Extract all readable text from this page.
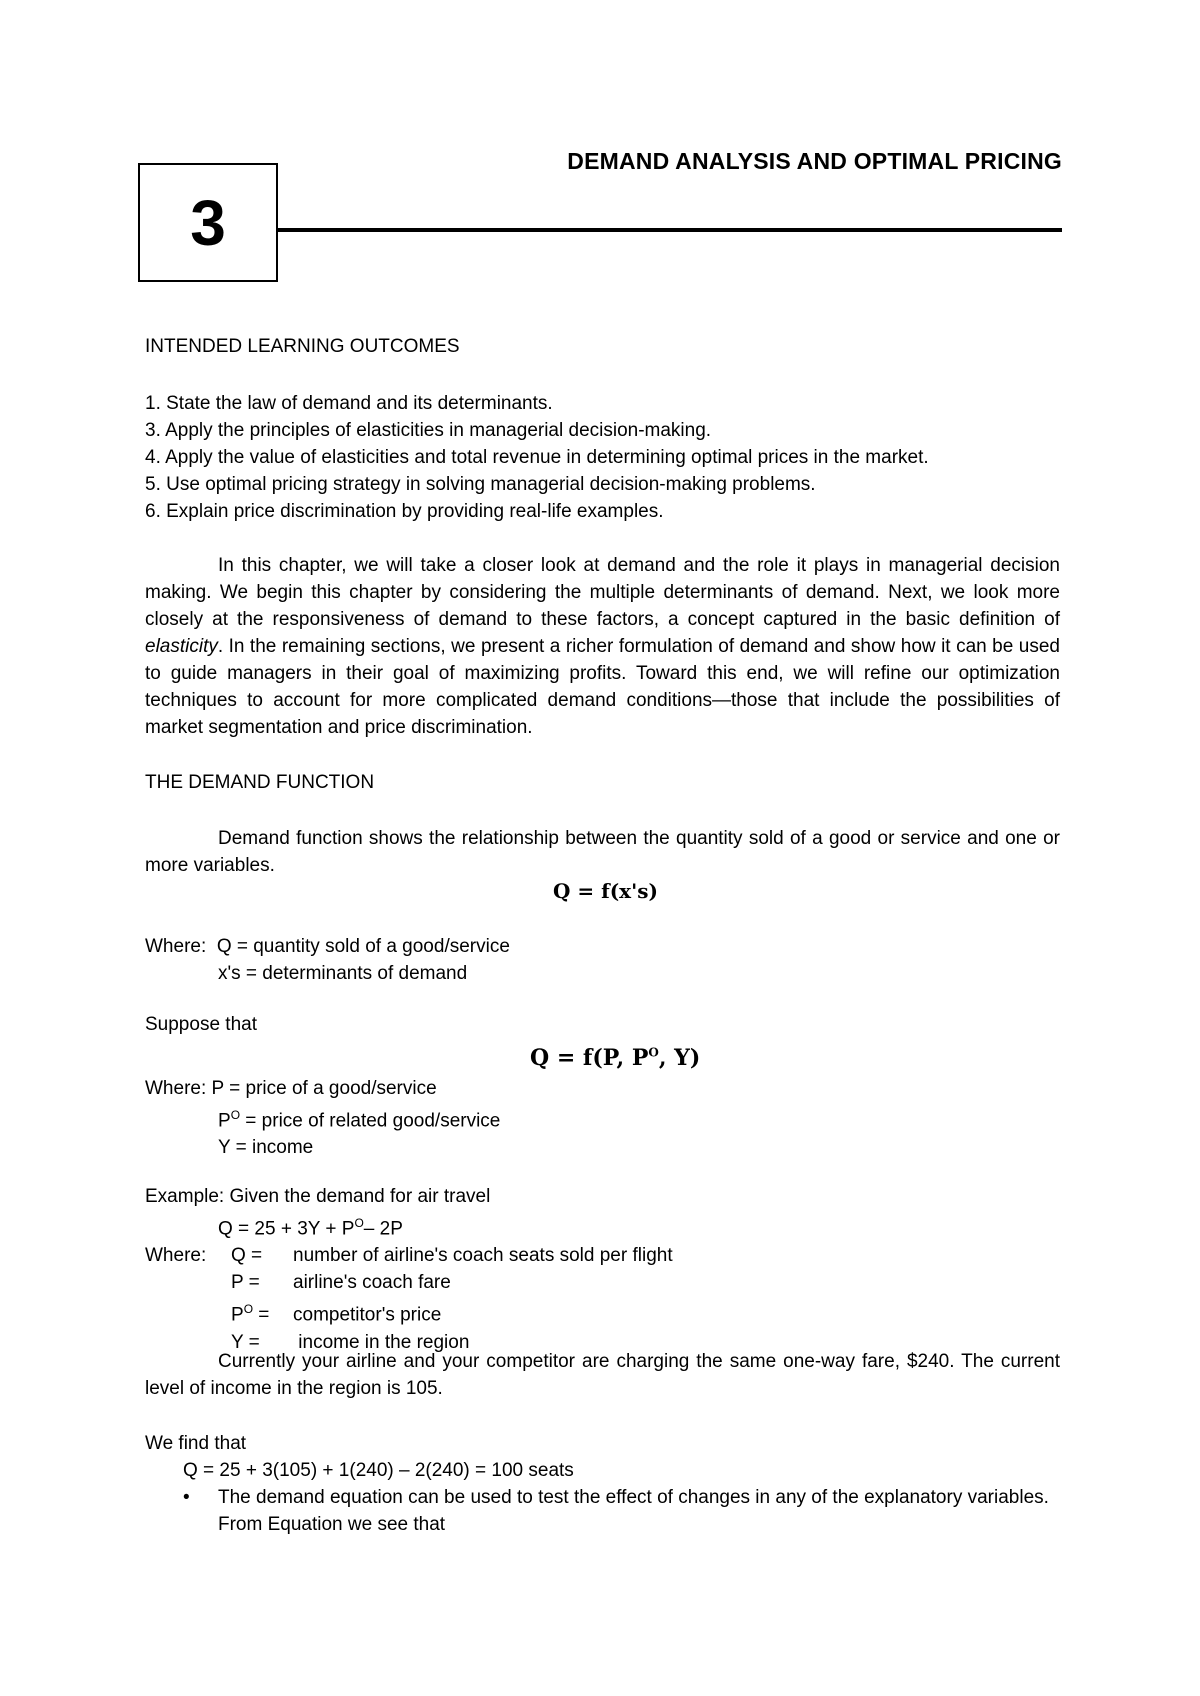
3
DEMAND ANALYSIS AND OPTIMAL PRICING
INTENDED LEARNING OUTCOMES
1. State the law of demand and its determinants.
3. Apply the principles of elasticities in managerial decision-making.
4. Apply the value of elasticities and total revenue in determining optimal prices in the market.
5. Use optimal pricing strategy in solving managerial decision-making problems.
6. Explain price discrimination by providing real-life examples.
In this chapter, we will take a closer look at demand and the role it plays in managerial decision making. We begin this chapter by considering the multiple determinants of demand. Next, we look more closely at the responsiveness of demand to these factors, a concept captured in the basic definition of elasticity. In the remaining sections, we present a richer formulation of demand and show how it can be used to guide managers in their goal of maximizing profits. Toward this end, we will refine our optimization techniques to account for more complicated demand conditions—those that include the possibilities of market segmentation and price discrimination.
THE DEMAND FUNCTION
Demand function shows the relationship between the quantity sold of a good or service and one or more variables.
Q = f(x's)
Where: Q = quantity sold of a good/service
x's = determinants of demand
Suppose that
Q = f(P, $P^O$, Y)
Where: P = price of a good/service
$P^O$ = price of related good/service
Y = income
Example: Given the demand for air travel
$Q = 25 + 3Y + P^O-$ 2P
Where: Q = number of airline's coach seats sold per flight
P = airline's coach fare
$P^O$ = competitor's price
Y = income in the region
Currently your airline and your competitor are charging the same one-way fare, $240. The current level of income in the region is 105.
We find that
Q = 25 + 3(105) + 1(240) – 2(240) = 100 seats
• The demand equation can be used to test the effect of changes in any of the explanatory variables. From Equation we see that
